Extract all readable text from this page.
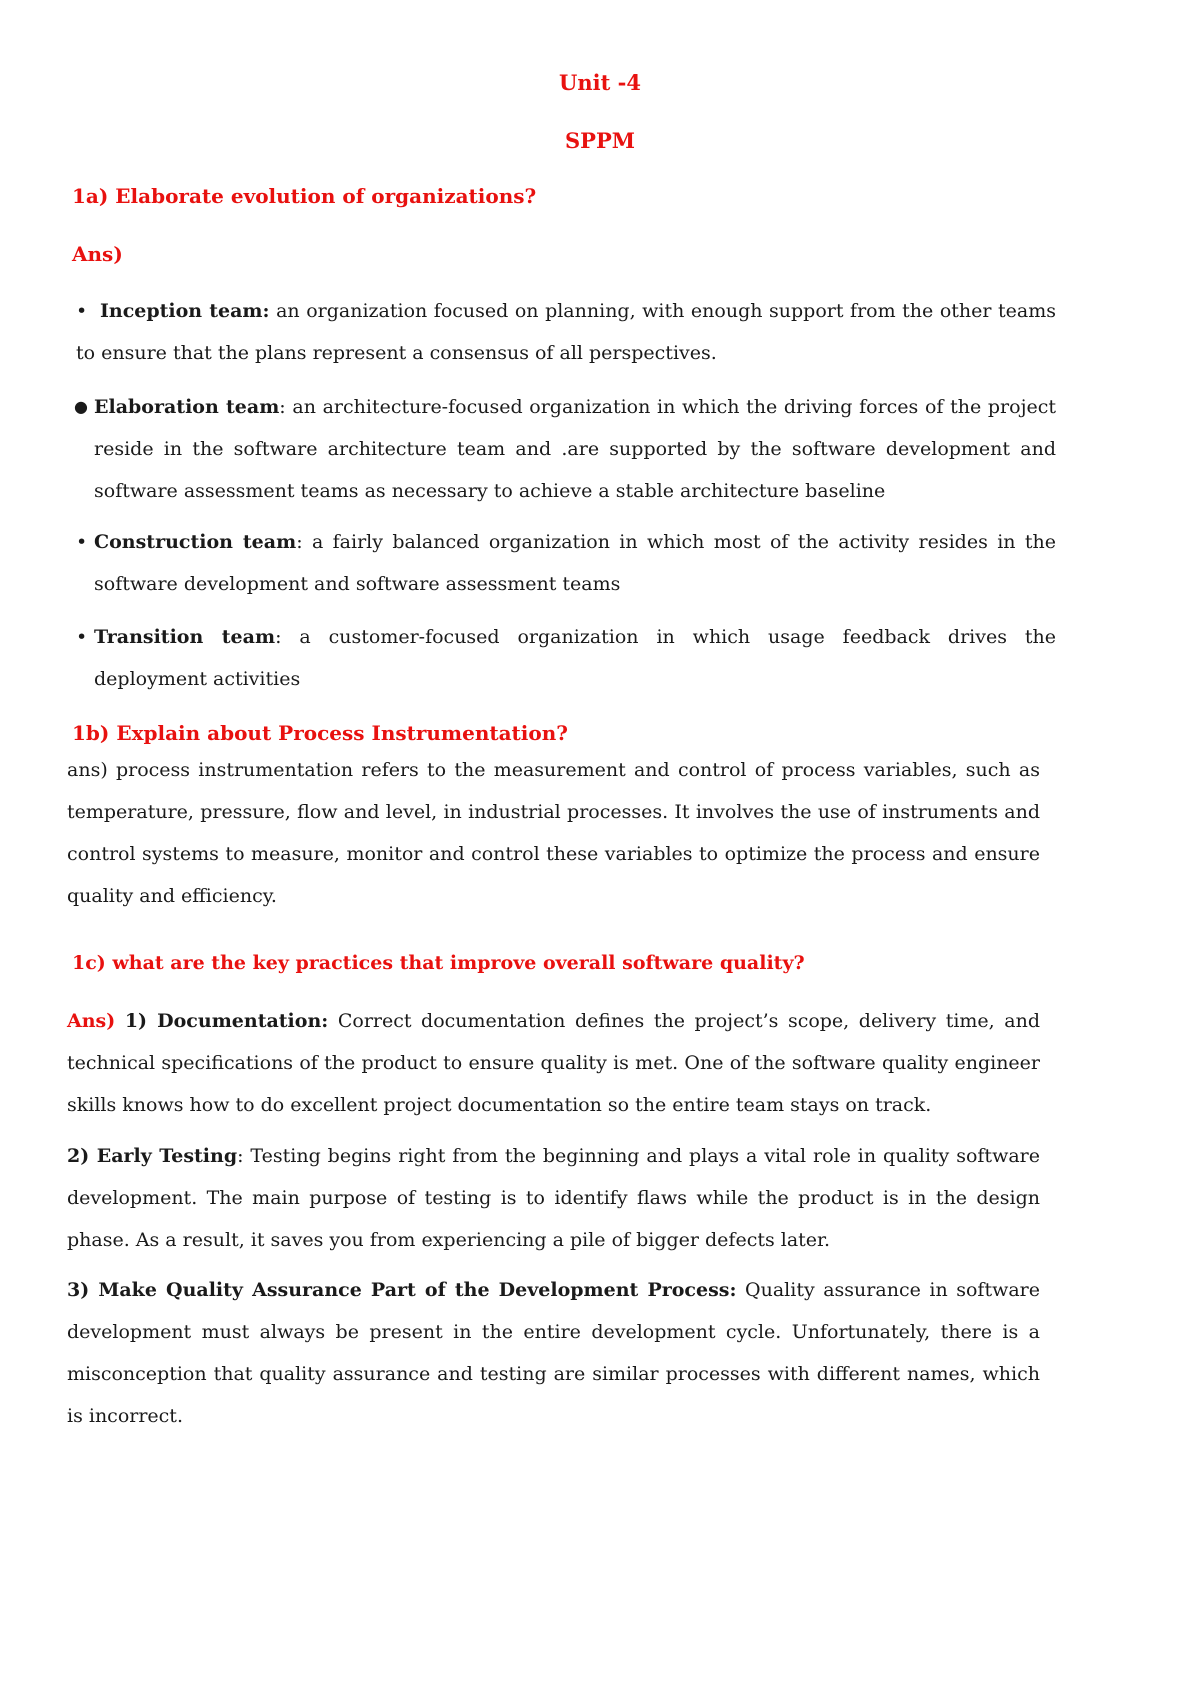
Unit -4
SPPM
1a) Elaborate evolution of organizations?
Ans)
• Inception team: an organization focused on planning, with enough support from the other teams to ensure that the plans represent a consensus of all perspectives.
● Elaboration team: an architecture-focused organization in which the driving forces of the project reside in the software architecture team and .are supported by the software development and software assessment teams as necessary to achieve a stable architecture baseline
• Construction team: a fairly balanced organization in which most of the activity resides in the software development and software assessment teams
• Transition team: a customer-focused organization in which usage feedback drives the deployment activities
1b) Explain about Process Instrumentation?
ans) process instrumentation refers to the measurement and control of process variables, such as temperature, pressure, flow and level, in industrial processes. It involves the use of instruments and control systems to measure, monitor and control these variables to optimize the process and ensure quality and efficiency.
1c) what are the key practices that improve overall software quality?
Ans) 1) Documentation: Correct documentation defines the project’s scope, delivery time, and technical specifications of the product to ensure quality is met. One of the software quality engineer skills knows how to do excellent project documentation so the entire team stays on track.
2) Early Testing: Testing begins right from the beginning and plays a vital role in quality software development. The main purpose of testing is to identify flaws while the product is in the design phase. As a result, it saves you from experiencing a pile of bigger defects later.
3) Make Quality Assurance Part of the Development Process: Quality assurance in software development must always be present in the entire development cycle. Unfortunately, there is a misconception that quality assurance and testing are similar processes with different names, which is incorrect.
